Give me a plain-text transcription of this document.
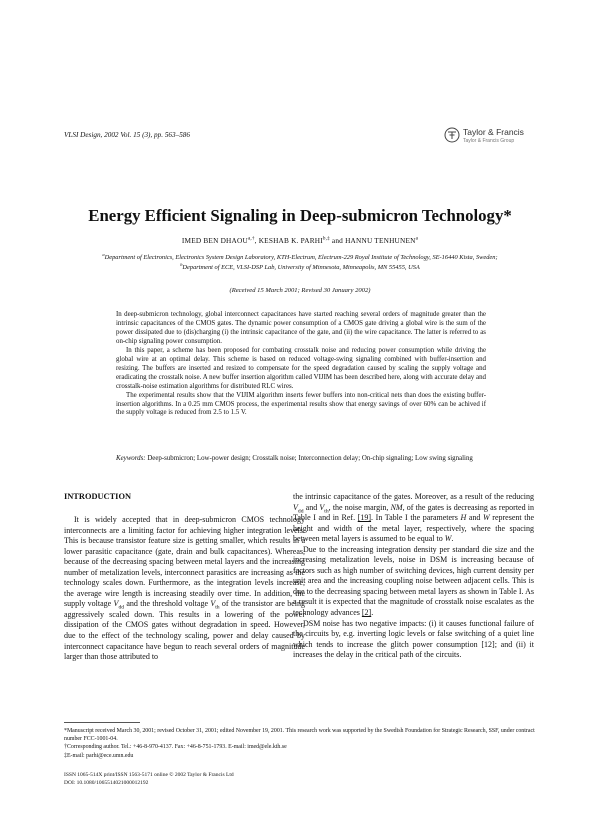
VLSI Design, 2002 Vol. 15 (3), pp. 563–586	Taylor & Francis
Taylor & Francis Group
Energy Efficient Signaling in Deep-submicron Technology*
IMED BEN $DHAOU^{a,\dagger}$, KESHAB K. $PARHI^{b,\ddagger}$ and HANNU TENHUNEN$^a$
$^a$Department of Electronics, Electronics System Design Laboratory, KTH-Electrum, Electrum-229 Royal Institute of Technology, SE-16440 Kista, Sweden; $^b$Department of ECE, VLSI-DSP Lab, University of Minnesota, Minneapolis, MN 55455, USA
(Received 15 March 2001; Revised 30 January 2002)

In deep-submicron technology, global interconnect capacitances have started reaching several orders of magnitude greater than the intrinsic capacitances of the CMOS gates. The dynamic power consumption of a CMOS gate driving a global wire is the sum of the power dissipated due to (dis)charging (i) the intrinsic capacitance of the gate, and (ii) the wire capacitance. The latter is referred to as on-chip signaling power consumption.

In this paper, a scheme has been proposed for combating crosstalk noise and reducing power consumption while driving the global wire at an optimal delay. This scheme is based on reduced voltage-swing signaling combined with buffer-insertion and resizing. The buffers are inserted and resized to compensate for the speed degradation caused by scaling the supply voltage and eradicating the crosstalk noise. A new buffer insertion algorithm called VIJIM has been described here, along with accurate delay and crosstalk-noise estimation algorithms for distributed RLC wires.

The experimental results show that the VIJIM algorithm inserts fewer buffers into non-critical nets than does the existing buffer-insertion algorithms. In a 0.25 mm CMOS process, the experimental results show that energy savings of over 60% can be achived if the supply voltage is reduced from 2.5 to 1.5 V.

Keywords: Deep-submicron; Low-power design; Crosstalk noise; Interconnection delay; On-chip signaling; Low swing signaling
INTRODUCTION

It is widely accepted that in deep-submicron CMOS technology interconnects are a limiting factor for achieving higher integration levels. This is because transistor feature size is getting smaller, which results in a lower parasitic capacitance (gate, drain and bulk capacitances). Whereas, because of the decreasing spacing between metal layers and the increasing number of metalization levels, interconnect parasitics are increasing as the technology scales down. Furthermore, as the integration levels increase, the average wire length is increasing steadily over time. In addition, the supply voltage $V_{dd}$ and the threshold voltage $V_{th}$ of the transistor are being aggressively scaled down. This results in a lowering of the power dissipation of the CMOS gates without degradation in speed. However, due to the effect of the technology scaling, power and delay caused by interconnect capacitance have begun to reach several orders of magnitude larger than those attributed to

the intrinsic capacitance of the gates. Moreover, as a result of the reducing $V_{dd}$ and $V_{th}$, the noise margin, NM, of the gates is decreasing as reported in Table I and in Ref. [19]. In Table I the parameters H and W represent the height and width of the metal layer, respectively, where the spacing between metal layers is assumed to be equal to W.

Due to the increasing integration density per standard die size and the increasing metalization levels, noise in DSM is increasing because of factors such as high number of switching devices, high current density per unit area and the increasing coupling noise between adjacent cells. This is due to the decreasing spacing between metal layers as shown in Table I. As a result it is expected that the magnitude of crosstalk noise escalates as the technology advances [2].

DSM noise has two negative impacts: (i) it causes functional failure of the circuits by, e.g. inverting logic levels or false switching of a quiet line which tends to increase the glitch power consumption [12]; and (ii) it increases the delay in the critical path of the circuits.

*Manuscript received March 30, 2001; revised October 31, 2001; edited November 19, 2001. This research work was supported by the Swedish Foundation for Strategic Research, SSF, under contract number FCC-1001-04.

†Corresponding author. Tel.: +46-8-970-4137. Fax: +46-8-751-1793. E-mail: imed@ele.kth.se

‡E-mail: parhi@ece.umn.edu

ISSN 1065-514X print/ISSN 1563-5171 online © 2002 Taylor & Francis Ltd

DOI: 10.1080/1065514021000012192
